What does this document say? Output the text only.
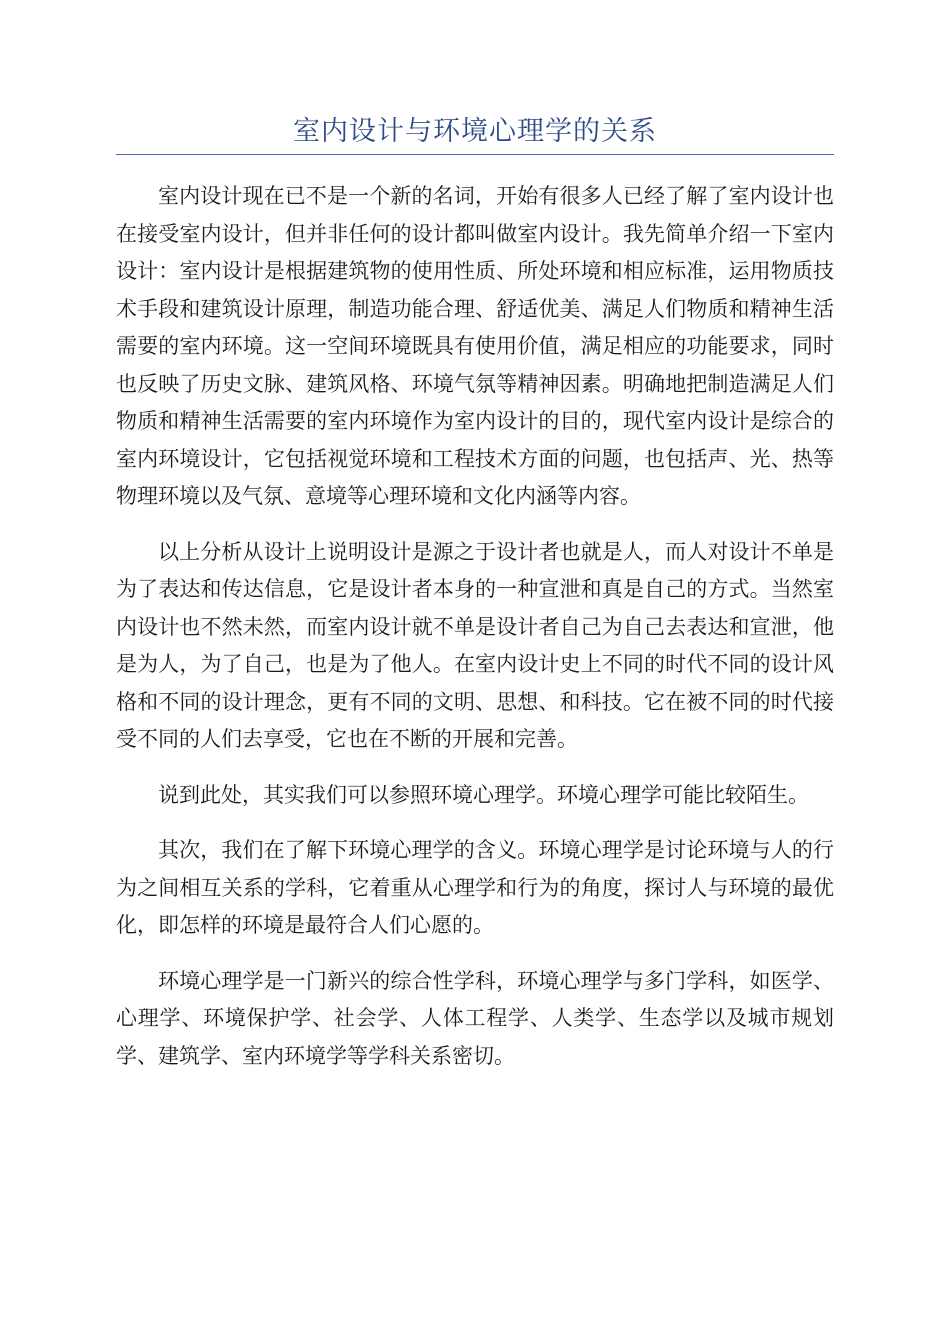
室内设计与环境心理学的关系

室内设计现在已不是一个新的名词，开始有很多人已经了解了室内设计也在接受室内设计，但并非任何的设计都叫做室内设计。我先简单介绍一下室内设计：室内设计是根据建筑物的使用性质、所处环境和相应标准，运用物质技术手段和建筑设计原理，制造功能合理、舒适优美、满足人们物质和精神生活需要的室内环境。这一空间环境既具有使用价值，满足相应的功能要求，同时也反映了历史文脉、建筑风格、环境气氛等精神因素。明确地把制造满足人们物质和精神生活需要的室内环境作为室内设计的目的，现代室内设计是综合的室内环境设计，它包括视觉环境和工程技术方面的问题，也包括声、光、热等物理环境以及气氛、意境等心理环境和文化内涵等内容。

以上分析从设计上说明设计是源之于设计者也就是人，而人对设计不单是为了表达和传达信息，它是设计者本身的一种宣泄和真是自己的方式。当然室内设计也不然未然，而室内设计就不单是设计者自己为自己去表达和宣泄，他是为人，为了自己，也是为了他人。在室内设计史上不同的时代不同的设计风格和不同的设计理念，更有不同的文明、思想、和科技。它在被不同的时代接受不同的人们去享受，它也在不断的开展和完善。

说到此处，其实我们可以参照环境心理学。环境心理学可能比较陌生。

其次，我们在了解下环境心理学的含义。环境心理学是讨论环境与人的行为之间相互关系的学科，它着重从心理学和行为的角度，探讨人与环境的最优化，即怎样的环境是最符合人们心愿的。

环境心理学是一门新兴的综合性学科，环境心理学与多门学科，如医学、心理学、环境保护学、社会学、人体工程学、人类学、生态学以及城市规划学、建筑学、室内环境学等学科关系密切。
